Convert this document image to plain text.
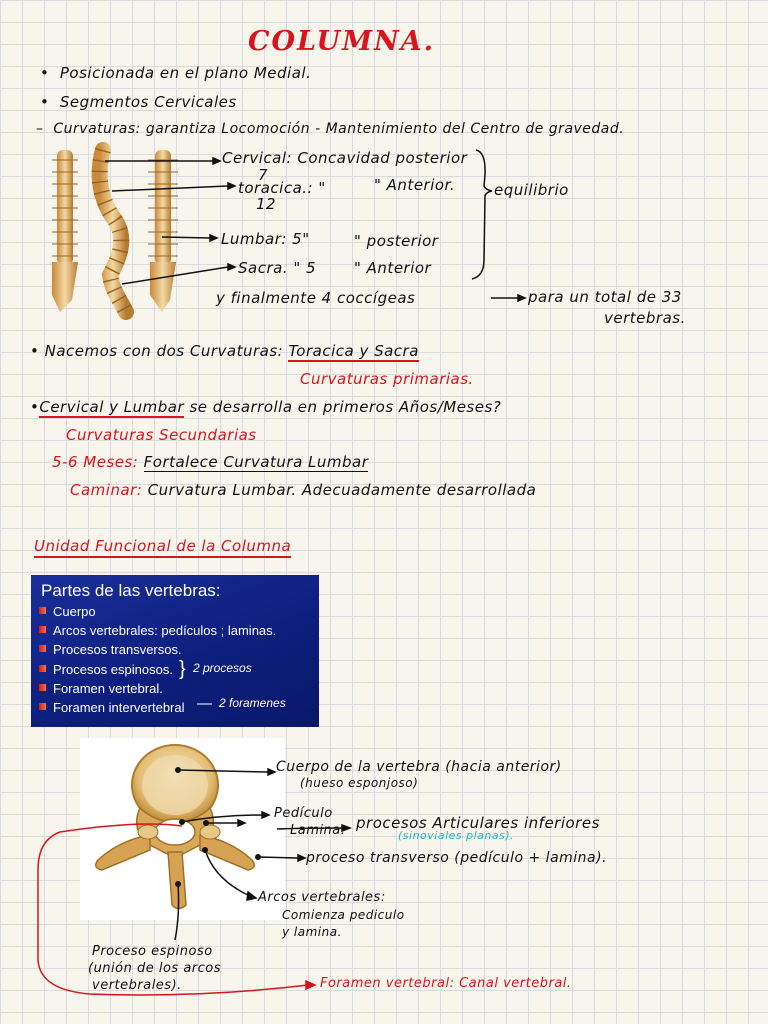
COLUMNA.
•  Posicionada en el plano Medial.
•  Segmentos Cervicales
–  Curvaturas: garantiza Locomoción - Mantenimiento del Centro de gravedad.
Cervical: Concavidad posterior
7
toracica.: "	" Anterior.
12
equilibrio
Lumbar: 5"	" posterior
Sacra. " 5	" Anterior
y finalmente 4 coccígeas	para un total de 33
vertebras.
• Nacemos con dos Curvaturas: Toracica y Sacra
Curvaturas primarias.
•Cervical y Lumbar se desarrolla en primeros Años/Meses?
Curvaturas Secundarias
5-6 Meses: Fortalece Curvatura Lumbar
Caminar: Curvatura Lumbar. Adecuadamente desarrollada
Unidad Funcional de la Columna
Partes de las vertebras:
Cuerpo
Arcos vertebrales: pedículos ; laminas.
Procesos transversos.
Procesos espinosos.
Foramen vertebral.
Foramen intervertebral
} 2 procesos
— 2 foramenes
Cuerpo de la vertebra (hacia anterior)
(hueso esponjoso)
Pedículo
Lamina. procesos Articulares inferiores
(sinoviales planas).
proceso transverso (pedículo + lamina).
Arcos vertebrales:
Comienza pediculo
y lamina.
Proceso espinoso
(unión de los arcos
vertebrales).	Foramen vertebral: Canal vertebral.
